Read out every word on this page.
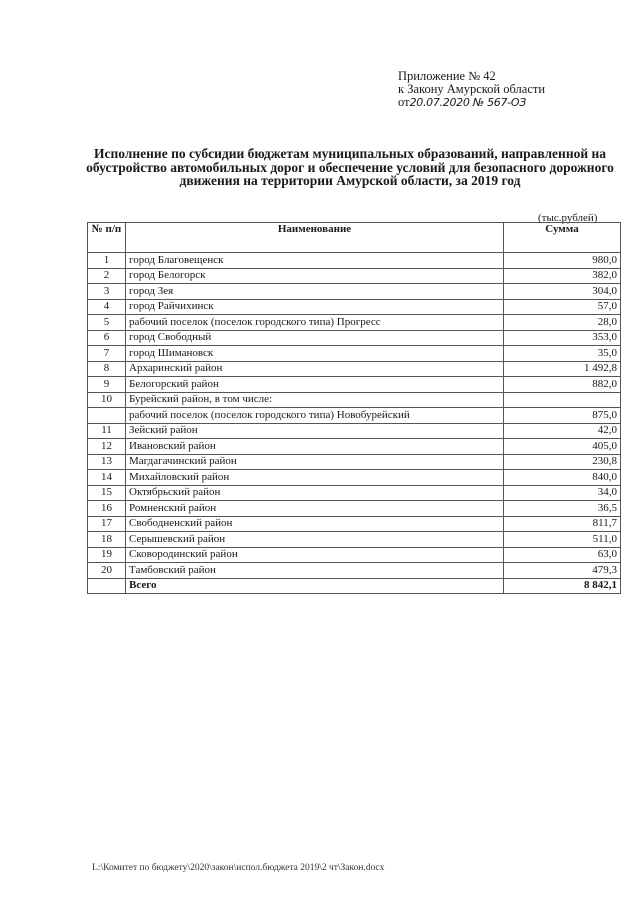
Приложение № 42
к Закону Амурской области
от20.07.2020 № 567-ОЗ
Исполнение по субсидии бюджетам муниципальных образований, направленной на обустройство автомобильных дорог и обеспечение условий для безопасного дорожного движения на территории Амурской области, за 2019 год
(тыс.рублей)
№ п/п	Наименование	Сумма
1	город Благовещенск	980,0
2	город Белогорск	382,0
3	город Зея	304,0
4	город Райчихинск	57,0
5	рабочий поселок (поселок городского типа) Прогресс	28,0
6	город Свободный	353,0
7	город Шимановск	35,0
8	Архаринский район	1 492,8
9	Белогорский район	882,0
10	Бурейский район, в том числе:	
	рабочий поселок (поселок городского типа) Новобурейский	875,0
11	Зейский район	42,0
12	Ивановский район	405,0
13	Магдагачинский район	230,8
14	Михайловский район	840,0
15	Октябрьский район	34,0
16	Ромненский район	36,5
17	Свободненский район	811,7
18	Серышевский район	511,0
19	Сковородинский район	63,0
20	Тамбовский район	479,3
	Всего	8 842,1
L:\Комитет по бюджету\2020\закон\испол.бюджета 2019\2 чт\Закон.docx
